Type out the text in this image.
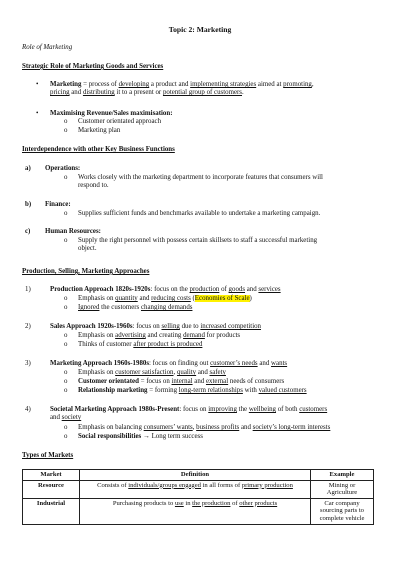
Topic 2: Marketing
Role of Marketing
Strategic Role of Marketing Goods and Services
•	Marketing = process of developing a product and implementing strategies aimed at promoting,
pricing and distributing it to a present or potential group of customers.
•	Maximising Revenue/Sales maximisation:
o	Customer orientated approach
o	Marketing plan
Interdependence with other Key Business Functions
a) Operations:
o	Works closely with the marketing department to incorporate features that consumers will
respond to.
b) Finance:
o	Supplies sufficient funds and benchmarks available to undertake a marketing campaign.
c) Human Resources:
o	Supply the right personnel with possess certain skillsets to staff a successful marketing
object.
Production, Selling, Marketing Approaches
1)	Production Approach 1820s-1920s: focus on the production of goods and services
o	Emphasis on quantity and reducing costs (Economies of Scale)
o	Ignored the customers changing demands
2)	Sales Approach 1920s-1960s: focus on selling due to increased competition
o	Emphasis on advertising and creating demand for products
o	Thinks of customer after product is produced
3)	Marketing Approach 1960s-1980s: focus on finding out customer’s needs and wants
o	Emphasis on customer satisfaction, quality and safety
o	Customer orientated = focus on internal and external needs of consumers
o	Relationship marketing = forming long-term relationships with valued customers
4)	Societal Marketing Approach 1980s-Present: focus on improving the wellbeing of both customers
and society
o	Emphasis on balancing consumers’ wants, business profits and society’s long-term interests
o	Social responsibilities → Long term success
Types of Markets
Market	Definition	Example
Resource	Consists of individuals/groups engaged in all forms of primary production	Mining or Agriculture
Industrial	Purchasing products to use in the production of other products	Car company sourcing parts to complete vehicle
